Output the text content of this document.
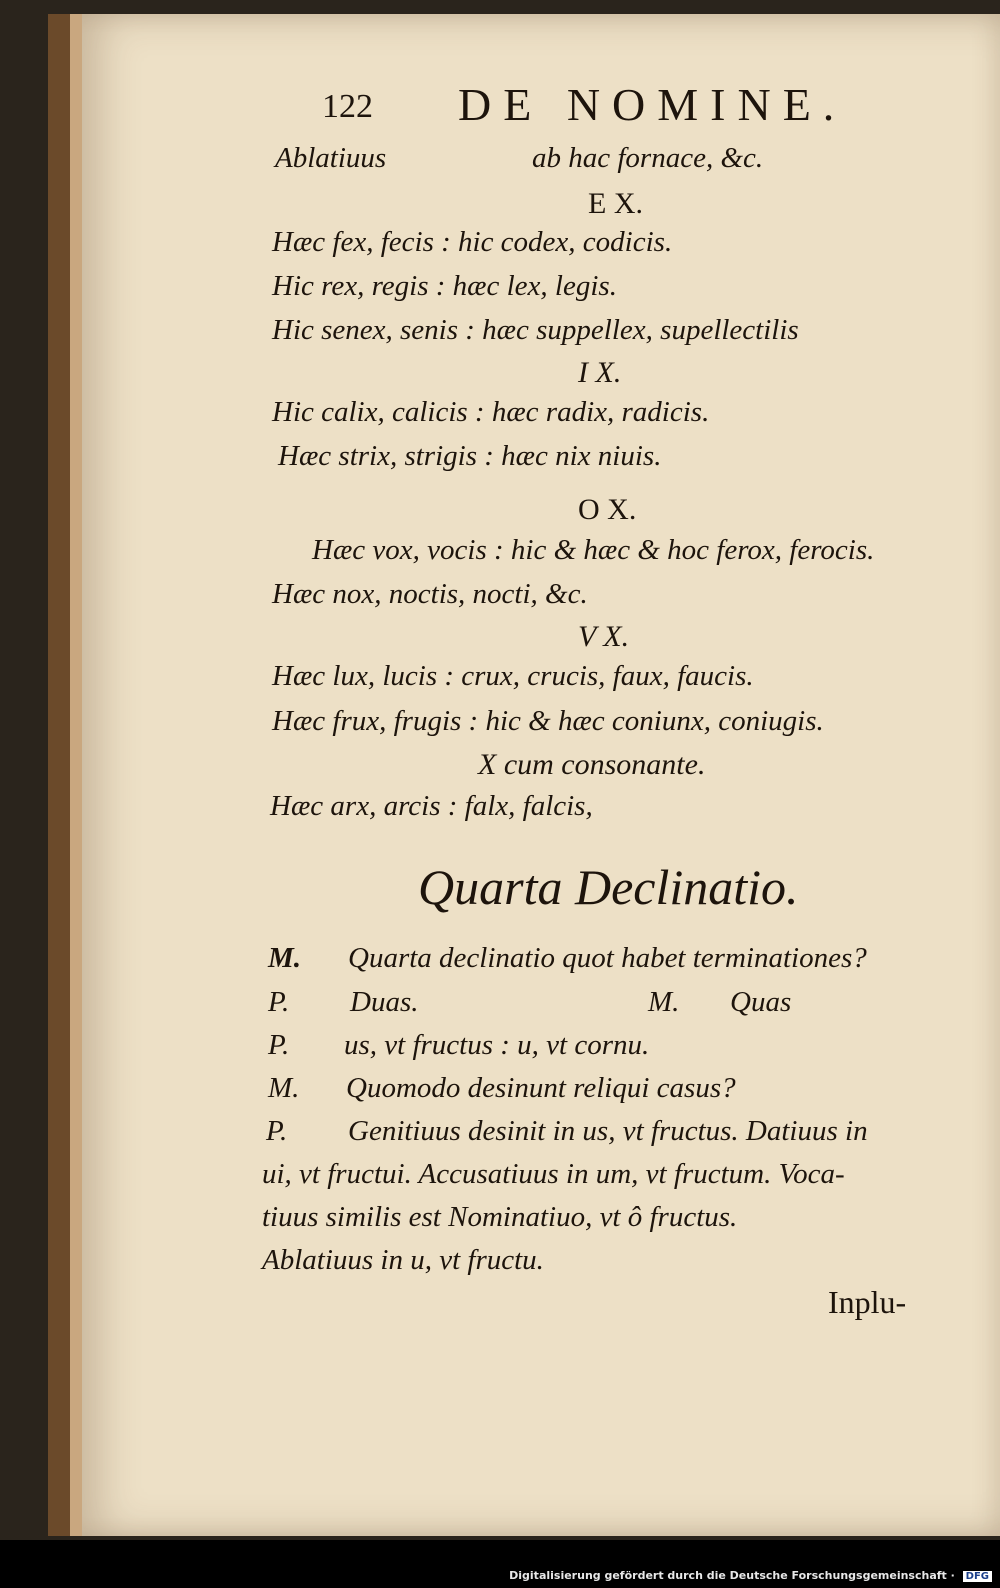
122 DE NOMINE.
Ablatiuus	ab hac fornace, &c.
E X.
Hæc fex, fecis : hic codex, codicis.
Hic rex, regis : hæc lex, legis.
Hic senex, senis : hæc suppellex, supellectilis
I X.
Hic calix, calicis : hæc radix, radicis.
Hæc strix, strigis : hæc nix niuis.
O X.
Hæc vox, vocis : hic & hæc & hoc ferox, ferocis.
Hæc nox, noctis, nocti, &c.
V X.
Hæc lux, lucis : crux, crucis, faux, faucis.
Hæc frux, frugis : hic & hæc coniunx, coniugis.
X cum consonante.
Hæc arx, arcis : falx, falcis,
Quarta Declinatio.
M. Quarta declinatio quot habet terminationes?
P. Duas.	M. Quas
P. us, vt fructus : u, vt cornu.
M. Quomodo desinunt reliqui casus?
P. Genitiuus desinit in us, vt fructus. Datiuus in
ui, vt fructui. Accusatiuus in um, vt fructum. Voca-
tiuus similis est Nominatiuo, vt ô fructus.
Ablatiuus in u, vt fructu.
Inplu-
Digitalisierung gefördert durch die Deutsche Forschungsgemeinschaft · DFG
